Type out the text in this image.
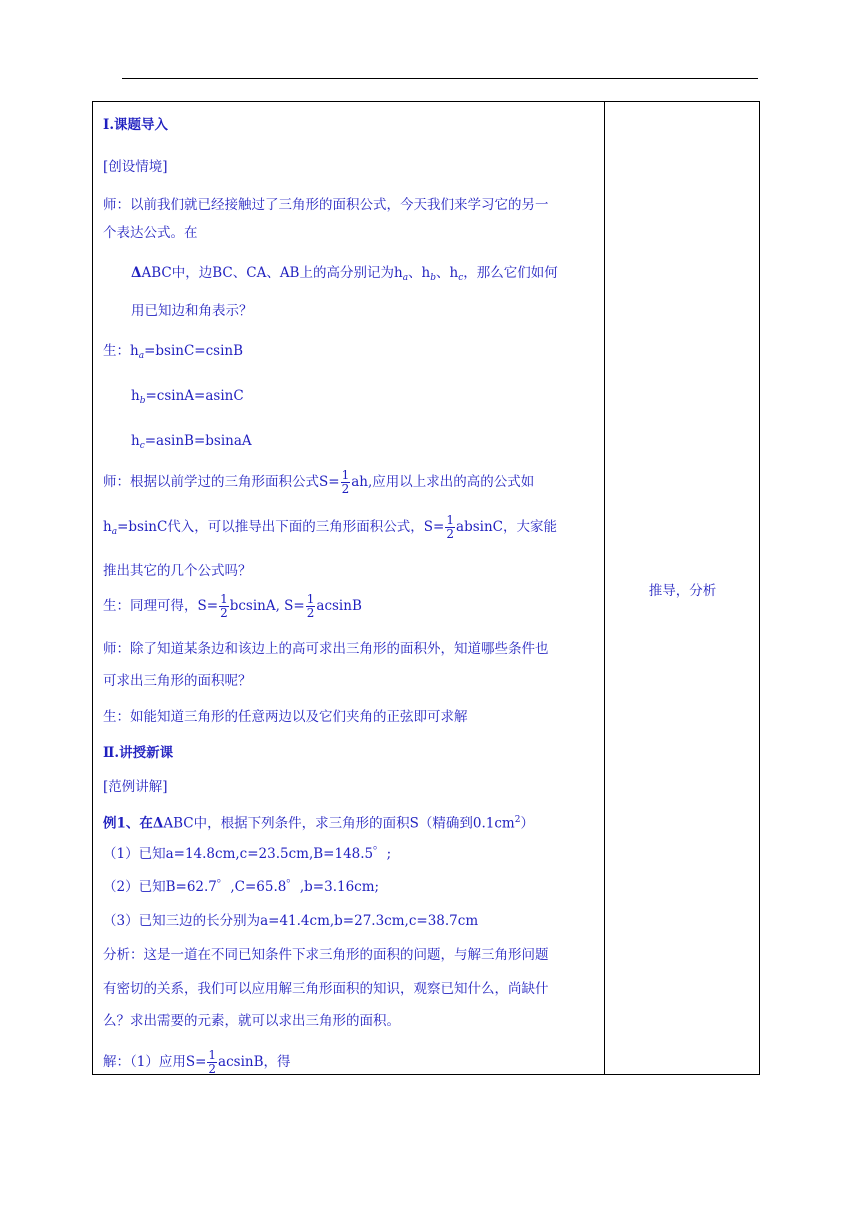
Ⅰ.课题导入
[创设情境]
师：以前我们就已经接触过了三角形的面积公式，今天我们来学习它的另一
个表达公式。在
ΔABC中，边BC、CA、AB上的高分别记为$h_a$、$h_b$、$h_c$，那么它们如何
用已知边和角表示？
生：$h_a=bsinC=csinB$
$h_b=csinA=asinC$
$h_c=asinB=bsinaA$
师：根据以前学过的三角形面积公式$S= \frac{1}{2}$ ah,应用以上求出的高的公式如
$h_a=bsinC$代入，可以推导出下面的三角形面积公式，$S= \frac{1}{2}$ absinC，大家能
推出其它的几个公式吗？
生：同理可得，$S= \frac{1}{2} bcsinA$, $S= \frac{1}{2}$ acsinB
师：除了知道某条边和该边上的高可求出三角形的面积外，知道哪些条件也
可求出三角形的面积呢？
生：如能知道三角形的任意两边以及它们夹角的正弦即可求解
Ⅱ.讲授新课
[范例讲解]
例1、在ΔABC中，根据下列条件，求三角形的面积S（精确到$0.1cm^2$）
（1）已知a=14.8cm,c=23.5cm,B=148.5゜;
（2）已知B=62.7゜,C=65.8゜,b=3.16cm;
（3）已知三边的长分别为a=41.4cm,b=27.3cm,c=38.7cm
分析：这是一道在不同已知条件下求三角形的面积的问题，与解三角形问题
有密切的关系，我们可以应用解三角形面积的知识，观察已知什么，尚缺什
么？求出需要的元素，就可以求出三角形的面积。
解：（1）应用$S= \frac{1}{2}$ acsinB，得
推导，分析
